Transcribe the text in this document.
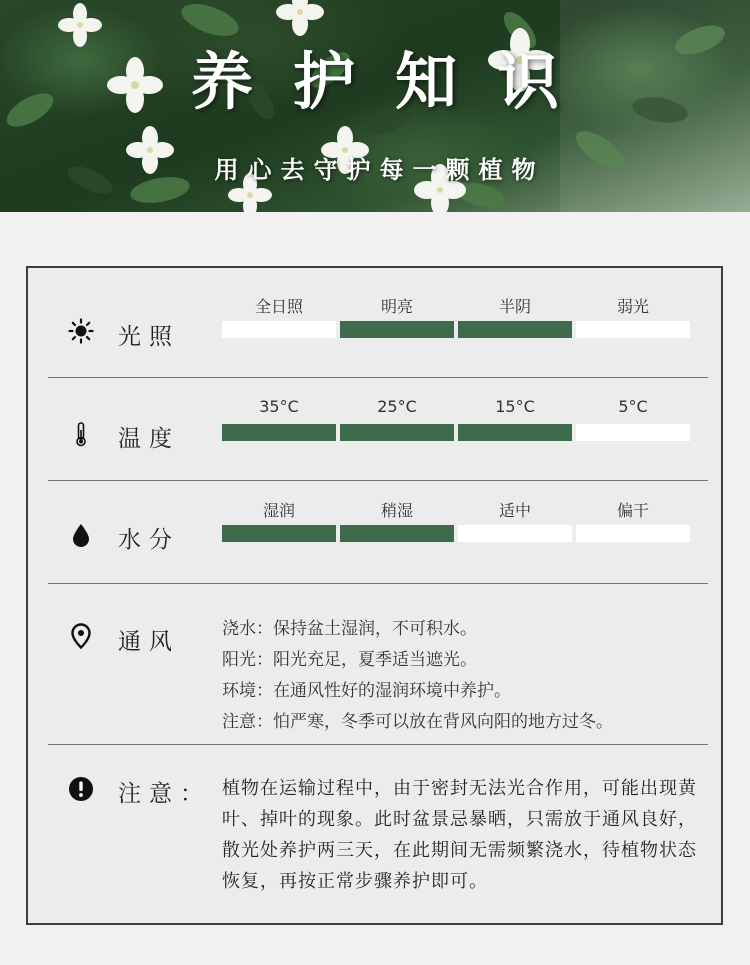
养护知识
用心去守护每一颗植物
光照
全日照	明亮	半阴	弱光
温度
35°C	25°C	15°C	5°C
水分
湿润	稍湿	适中	偏干
通风 浇水：保持盆土湿润，不可积水。
阳光：阳光充足，夏季适当遮光。
环境：在通风性好的湿润环境中养护。
注意：怕严寒，冬季可以放在背风向阳的地方过冬。
注意： 植物在运输过程中，由于密封无法光合作用，可能出现黄叶、掉叶的现象。此时盆景忌暴晒，只需放于通风良好，散光处养护两三天，在此期间无需频繁浇水，待植物状态恢复，再按正常步骤养护即可。
